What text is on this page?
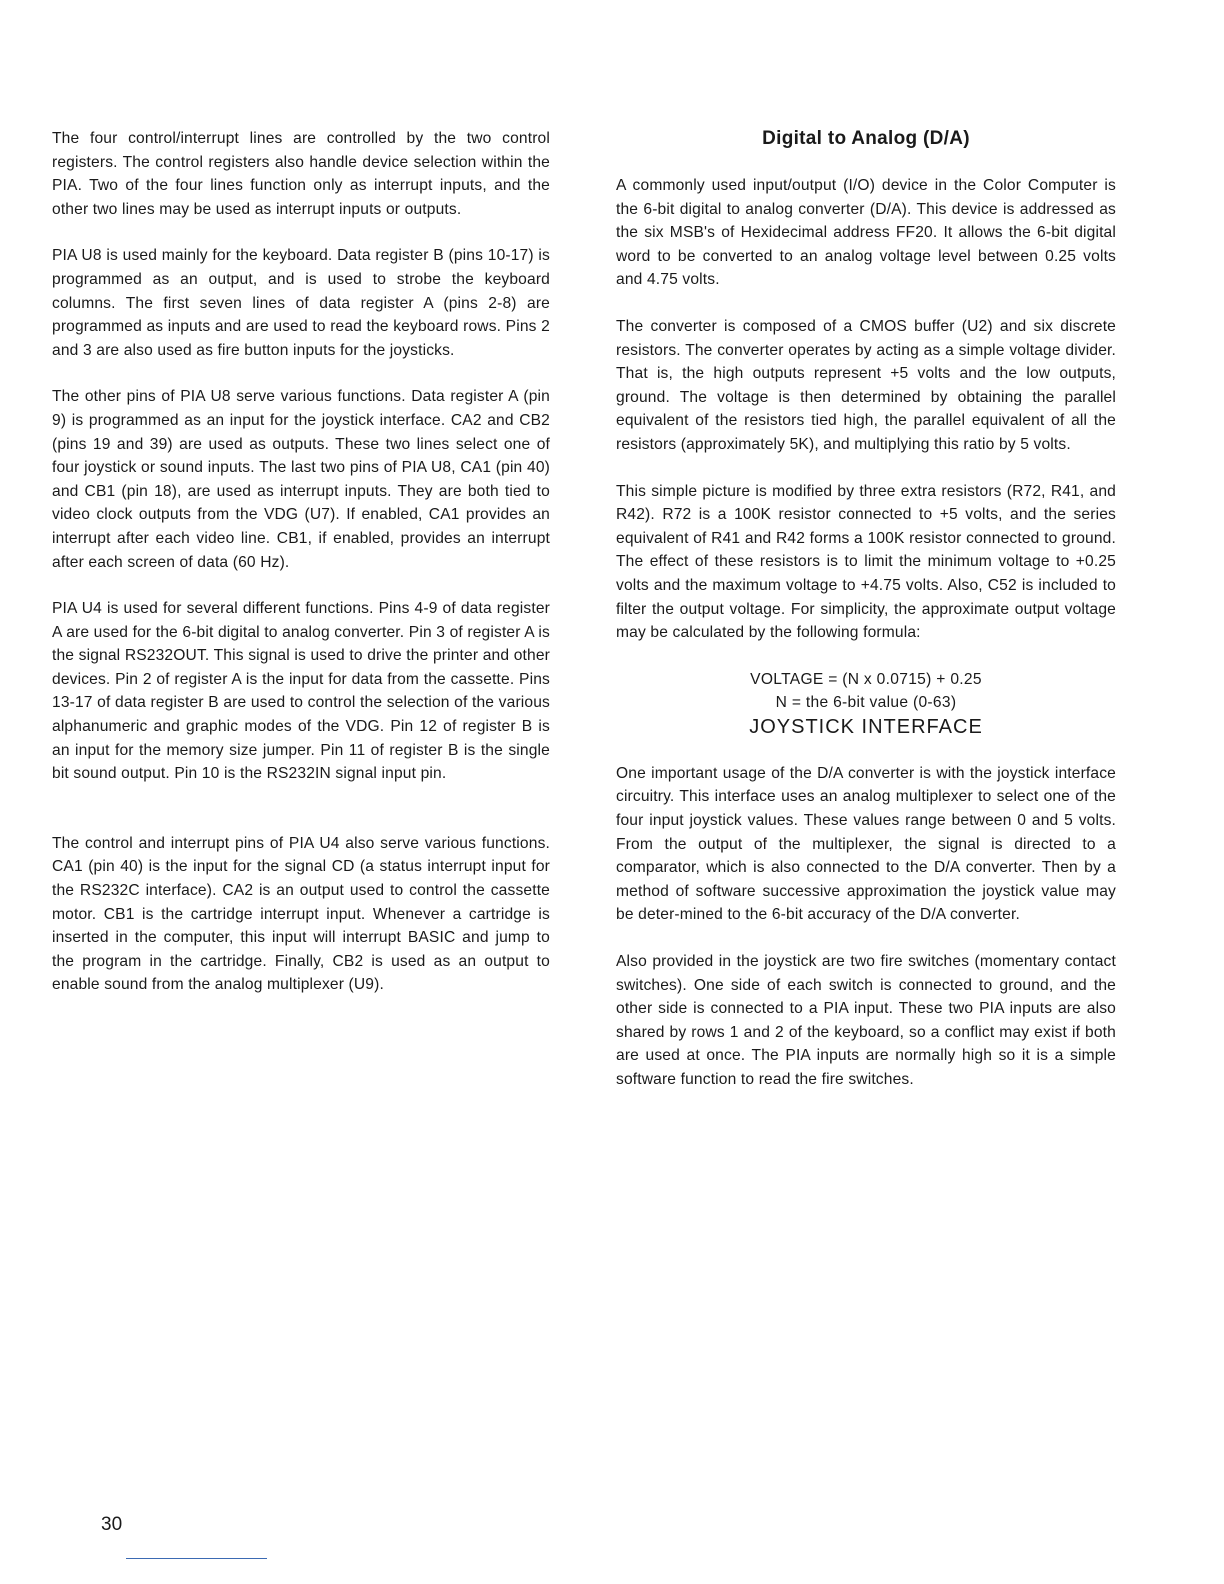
The four control/interrupt lines are controlled by the two control registers. The control registers also handle device selection within the PIA. Two of the four lines function only as interrupt inputs, and the other two lines may be used as interrupt inputs or outputs.

PIA U8 is used mainly for the keyboard. Data register B (pins 10-17) is programmed as an output, and is used to strobe the keyboard columns. The first seven lines of data register A (pins 2-8) are programmed as inputs and are used to read the keyboard rows. Pins 2 and 3 are also used as fire button inputs for the joysticks.

The other pins of PIA U8 serve various functions. Data register A (pin 9) is programmed as an input for the joystick interface. CA2 and CB2 (pins 19 and 39) are used as outputs. These two lines select one of four joystick or sound inputs. The last two pins of PIA U8, CA1 (pin 40) and CB1 (pin 18), are used as interrupt inputs. They are both tied to video clock outputs from the VDG (U7). If enabled, CA1 provides an interrupt after each video line. CB1, if enabled, provides an interrupt after each screen of data (60 Hz).

PIA U4 is used for several different functions. Pins 4-9 of data register A are used for the 6-bit digital to analog converter. Pin 3 of register A is the signal RS232OUT. This signal is used to drive the printer and other devices. Pin 2 of register A is the input for data from the cassette. Pins 13-17 of data register B are used to control the selection of the various alphanumeric and graphic modes of the VDG. Pin 12 of register B is an input for the memory size jumper. Pin 11 of register B is the single bit sound output. Pin 10 is the RS232IN signal input pin.

The control and interrupt pins of PIA U4 also serve various functions. CA1 (pin 40) is the input for the signal CD (a status interrupt input for the RS232C interface). CA2 is an output used to control the cassette motor. CB1 is the cartridge interrupt input. Whenever a cartridge is inserted in the computer, this input will interrupt BASIC and jump to the program in the cartridge. Finally, CB2 is used as an output to enable sound from the analog multiplexer (U9).

Digital to Analog (D/A)

A commonly used input/output (I/O) device in the Color Computer is the 6-bit digital to analog converter (D/A). This device is addressed as the six MSB's of Hexidecimal address FF20. It allows the 6-bit digital word to be converted to an analog voltage level between 0.25 volts and 4.75 volts.

The converter is composed of a CMOS buffer (U2) and six discrete resistors. The converter operates by acting as a simple voltage divider. That is, the high outputs represent +5 volts and the low outputs, ground. The voltage is then determined by obtaining the parallel equivalent of the resistors tied high, the parallel equivalent of all the resistors (approximately 5K), and multiplying this ratio by 5 volts.

This simple picture is modified by three extra resistors (R72, R41, and R42). R72 is a 100K resistor connected to +5 volts, and the series equivalent of R41 and R42 forms a 100K resistor connected to ground. The effect of these resistors is to limit the minimum voltage to +0.25 volts and the maximum voltage to +4.75 volts. Also, C52 is included to filter the output voltage. For simplicity, the approximate output voltage may be calculated by the following formula:

VOLTAGE = (N x 0.0715) + 0.25

N = the 6-bit value (0-63)

JOYSTICK INTERFACE

One important usage of the D/A converter is with the joystick interface circuitry. This interface uses an analog multiplexer to select one of the four input joystick values. These values range between 0 and 5 volts. From the output of the multiplexer, the signal is directed to a comparator, which is also connected to the D/A converter. Then by a method of software successive approximation the joystick value may be deter-mined to the 6-bit accuracy of the D/A converter.

Also provided in the joystick are two fire switches (momentary contact switches). One side of each switch is connected to ground, and the other side is connected to a PIA input. These two PIA inputs are also shared by rows 1 and 2 of the keyboard, so a conflict may exist if both are used at once. The PIA inputs are normally high so it is a simple software function to read the fire switches.

30
